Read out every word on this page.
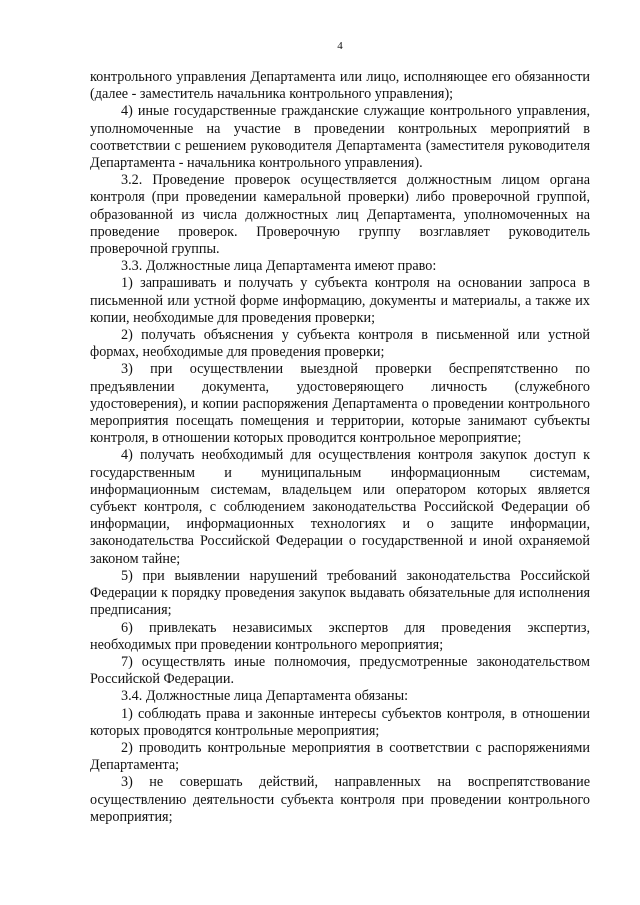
4

контрольного управления Департамента или лицо, исполняющее его обязанности (далее - заместитель начальника контрольного управления);

4) иные государственные гражданские служащие контрольного управления, уполномоченные на участие в проведении контрольных мероприятий в соответствии с решением руководителя Департамента (заместителя руководителя Департамента - начальника контрольного управления).

3.2. Проведение проверок осуществляется должностным лицом органа контроля (при проведении камеральной проверки) либо проверочной группой, образованной из числа должностных лиц Департамента, уполномоченных на проведение проверок. Проверочную группу возглавляет руководитель проверочной группы.

3.3. Должностные лица Департамента имеют право:

1) запрашивать и получать у субъекта контроля на основании запроса в письменной или устной форме информацию, документы и материалы, а также их копии, необходимые для проведения проверки;

2) получать объяснения у субъекта контроля в письменной или устной формах, необходимые для проведения проверки;

3) при осуществлении выездной проверки беспрепятственно по предъявлении документа, удостоверяющего личность (служебного удостоверения), и копии распоряжения Департамента о проведении контрольного мероприятия посещать помещения и территории, которые занимают субъекты контроля, в отношении которых проводится контрольное мероприятие;

4) получать необходимый для осуществления контроля закупок доступ к государственным и муниципальным информационным системам, информационным системам, владельцем или оператором которых является субъект контроля, с соблюдением законодательства Российской Федерации об информации, информационных технологиях и о защите информации, законодательства Российской Федерации о государственной и иной охраняемой законом тайне;

5) при выявлении нарушений требований законодательства Российской Федерации к порядку проведения закупок выдавать обязательные для исполнения предписания;

6) привлекать независимых экспертов для проведения экспертиз, необходимых при проведении контрольного мероприятия;

7) осуществлять иные полномочия, предусмотренные законодательством Российской Федерации.

3.4. Должностные лица Департамента обязаны:

1) соблюдать права и законные интересы субъектов контроля, в отношении которых проводятся контрольные мероприятия;

2) проводить контрольные мероприятия в соответствии с распоряжениями Департамента;

3) не совершать действий, направленных на воспрепятствование осуществлению деятельности субъекта контроля при проведении контрольного мероприятия;
